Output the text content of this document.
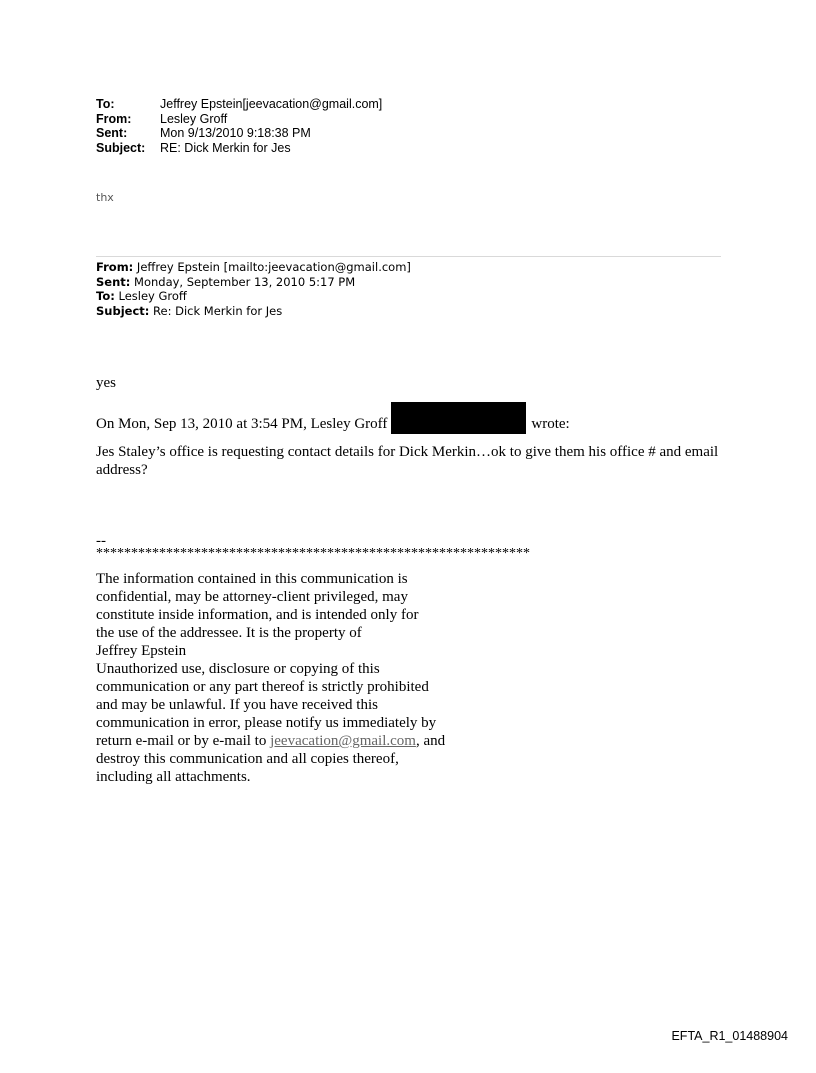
To:	Jeffrey Epstein[jeevacation@gmail.com]
From:	Lesley Groff
Sent:	Mon 9/13/2010 9:18:38 PM
Subject:	RE: Dick Merkin for Jes
thx
From: Jeffrey Epstein [mailto:jeevacation@gmail.com]
Sent: Monday, September 13, 2010 5:17 PM
To: Lesley Groff
Subject: Re: Dick Merkin for Jes
yes
On Mon, Sep 13, 2010 at 3:54 PM, Lesley Groff	wrote:
Jes Staley’s office is requesting contact details for Dick Merkin…ok to give them his office # and email address?
--
**************************************************************
The information contained in this communication is
confidential, may be attorney-client privileged, may
constitute inside information, and is intended only for
the use of the addressee. It is the property of
Jeffrey Epstein
Unauthorized use, disclosure or copying of this
communication or any part thereof is strictly prohibited
and may be unlawful. If you have received this
communication in error, please notify us immediately by
return e-mail or by e-mail to jeevacation@gmail.com, and
destroy this communication and all copies thereof,
including all attachments.
EFTA_R1_01488904
